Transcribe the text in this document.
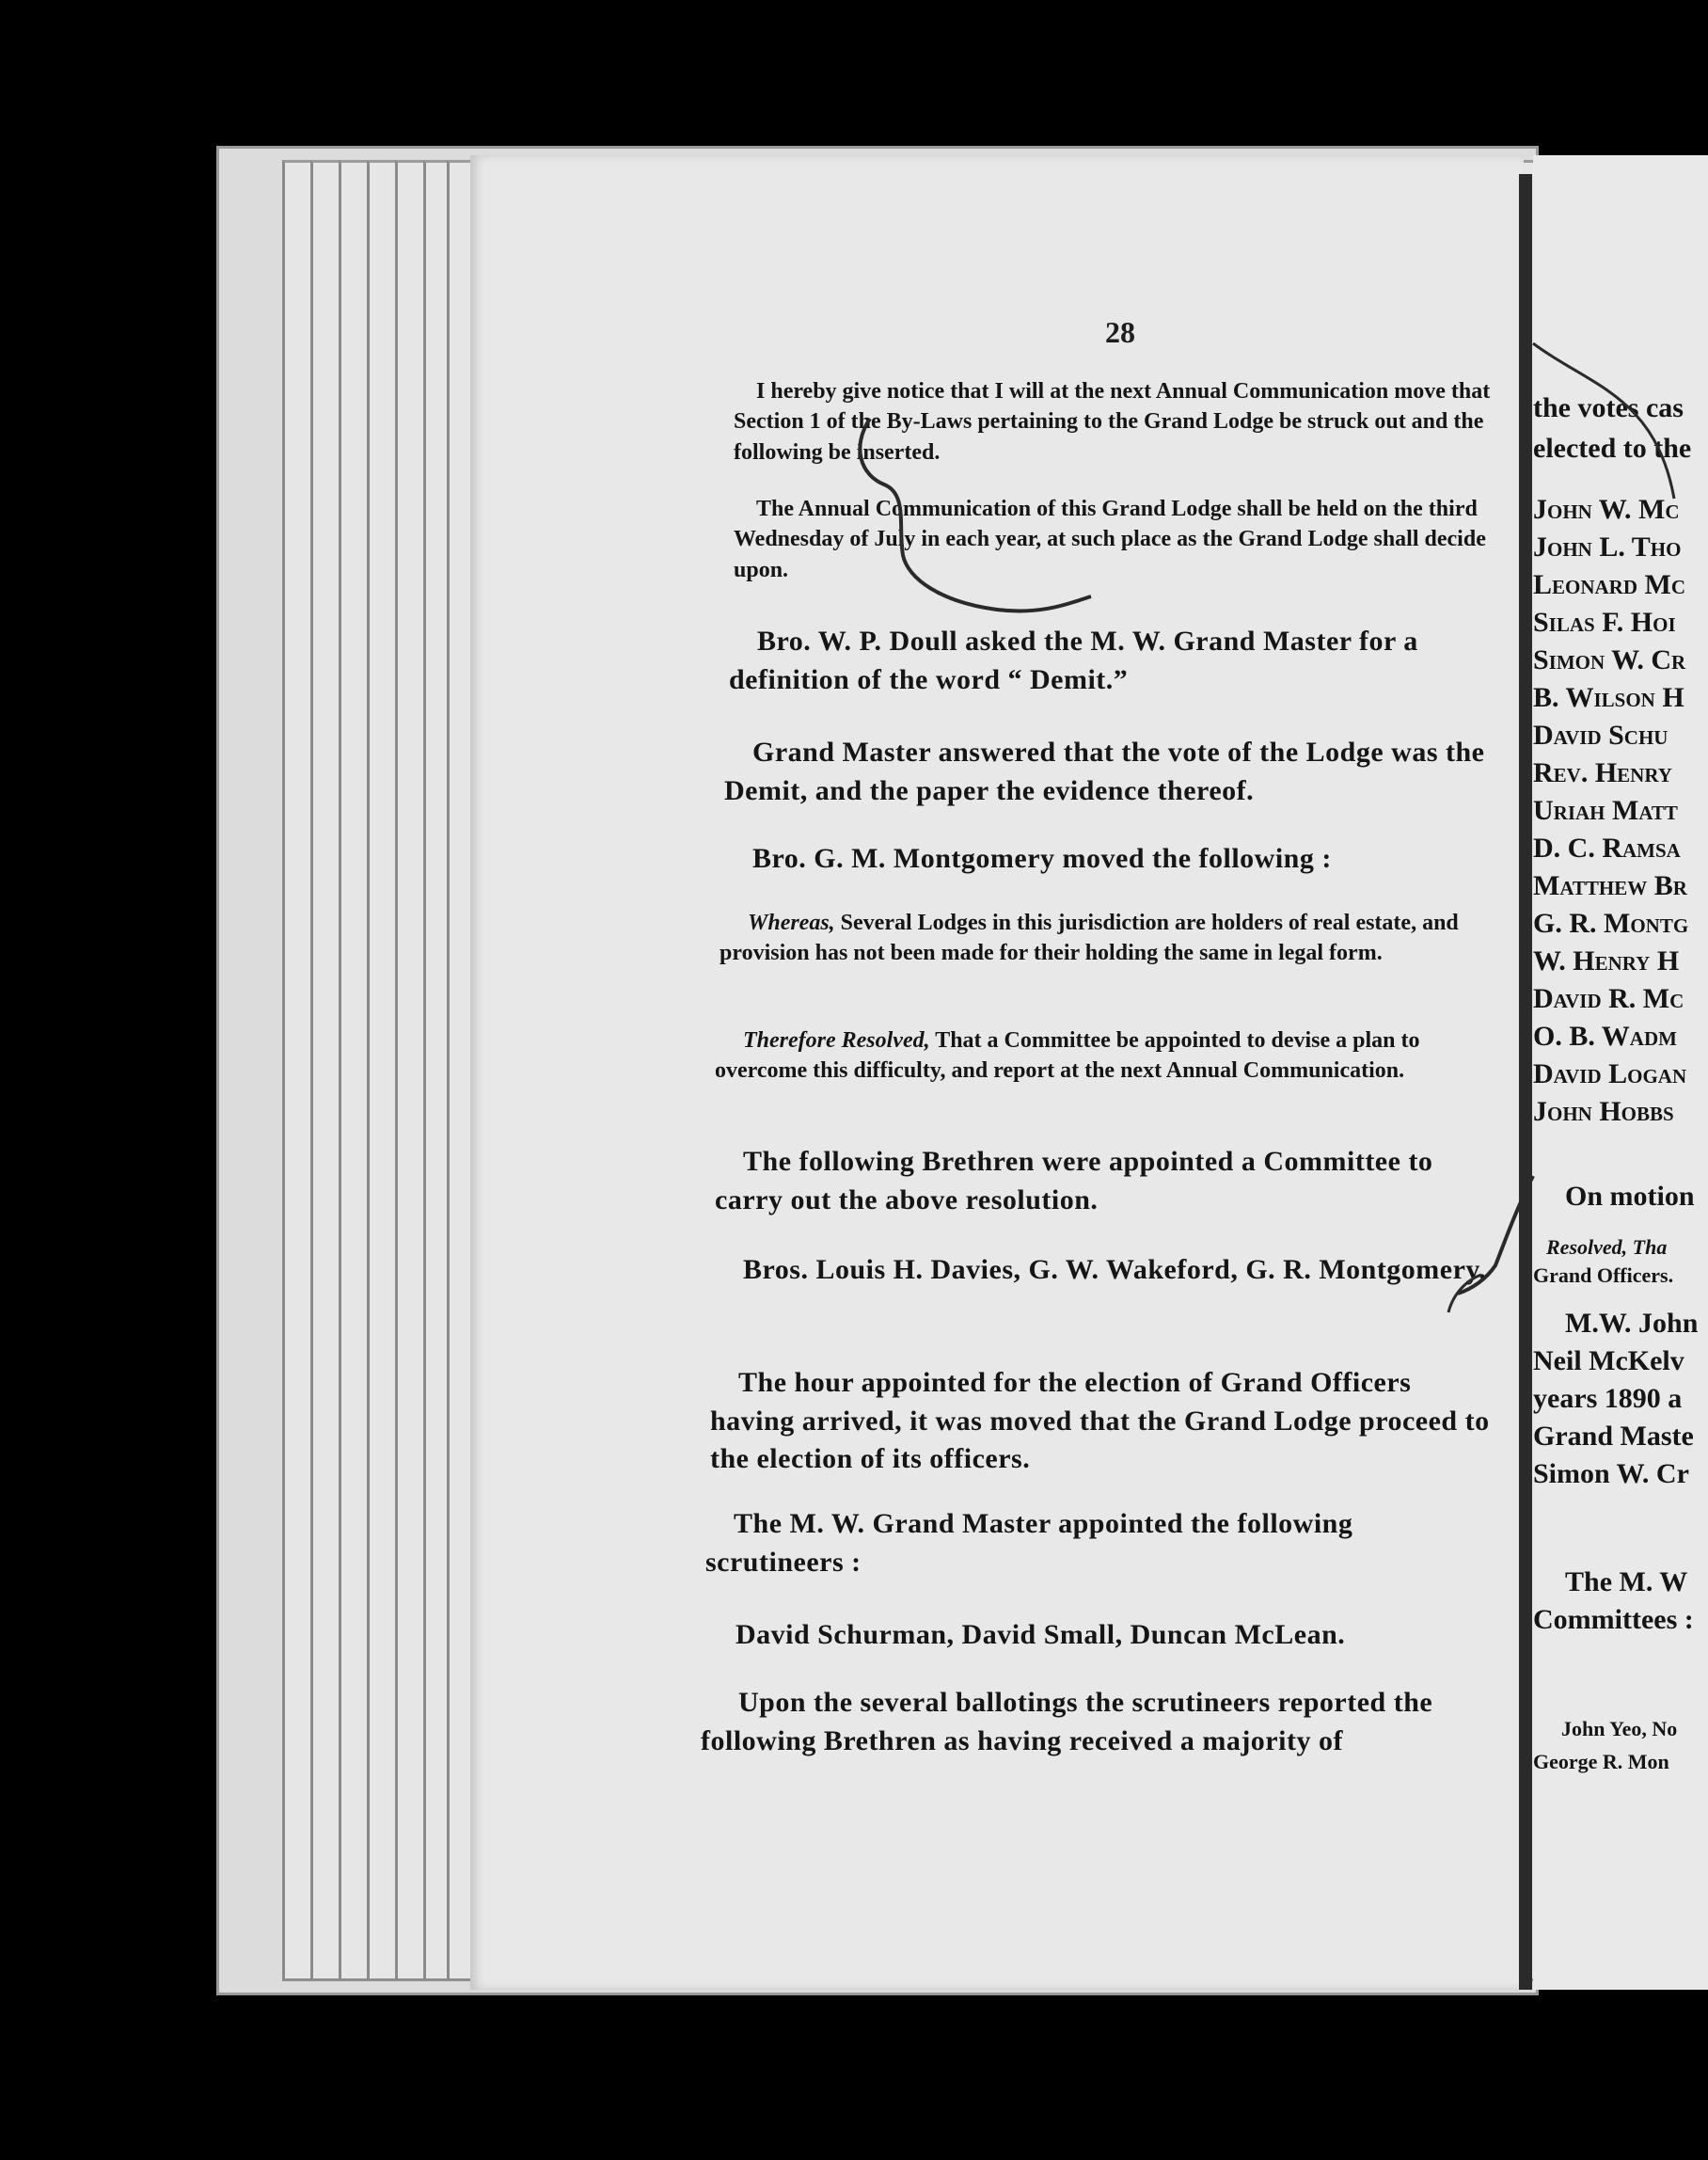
28

I hereby give notice that I will at the next Annual Communication move that Section 1 of the By-Laws pertaining to the Grand Lodge be struck out and the following be inserted.

The Annual Communication of this Grand Lodge shall be held on the third Wednesday of July in each year, at such place as the Grand Lodge shall decide upon.

Bro. W. P. Doull asked the M. W. Grand Master for a definition of the word “ Demit.”

Grand Master answered that the vote of the Lodge was the Demit, and the paper the evidence thereof.

Bro. G. M. Montgomery moved the following :

Whereas, Several Lodges in this jurisdiction are holders of real estate, and provision has not been made for their holding the same in legal form.

Therefore Resolved, That a Committee be appointed to devise a plan to overcome this difficulty, and report at the next Annual Communication.

The following Brethren were appointed a Committee to carry out the above resolution.

Bros. Louis H. Davies, G. W. Wakeford, G. R. Montgomery.

The hour appointed for the election of Grand Officers having arrived, it was moved that the Grand Lodge proceed to the election of its officers.

The M. W. Grand Master appointed the following scrutineers :

David Schurman, David Small, Duncan McLean.

Upon the several ballotings the scrutineers reported the following Brethren as having received a majority of

the votes cas
elected to the
John W. Mc
John L. Tho
Leonard Mc
Silas F. Hoi
Simon W. Cr
B. Wilson H
David Schu
Rev. Henry
Uriah Matt
D. C. Ramsa
Matthew Br
G. R. Montg
W. Henry H
David R. Mc
O. B. Wadm
David Logan
John Hobbs
On motion
Resolved, Tha
Grand Officers.
M.W. John
Neil McKelv
years 1890 a
Grand Maste
Simon W. Cr
The M. W
Committees :
John Yeo, No
George R. Mon
